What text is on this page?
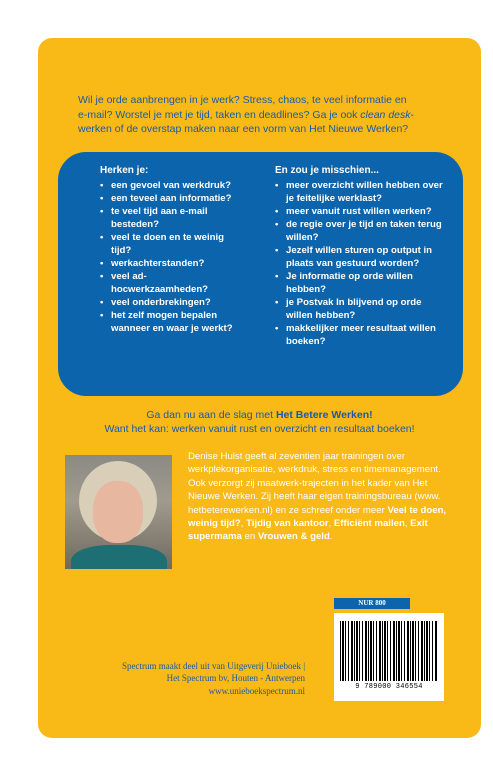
Wil je orde aanbrengen in je werk? Stress, chaos, te veel informatie en
e-mail? Worstel je met je tijd, taken en deadlines? Ga je ook clean desk-
werken of de overstap maken naar een vorm van Het Nieuwe Werken?
Herken je:
• een gevoel van werkdruk?
• een teveel aan informatie?
• te veel tijd aan e-mail besteden?
• veel te doen en te weinig tijd?
• werkachterstanden?
• veel ad-hocwerkzaamheden?
• veel onderbrekingen?
• het zelf mogen bepalen wanneer en waar je werkt?
En zou je misschien...
• meer overzicht willen hebben over je feitelijke werklast?
• meer vanuit rust willen werken?
• de regie over je tijd en taken terug willen?
• Jezelf willen sturen op output in plaats van gestuurd worden?
• Je informatie op orde willen hebben?
• je Postvak In blijvend op orde willen hebben?
• makkelijker meer resultaat willen boeken?
Ga dan nu aan de slag met Het Betere Werken!
Want het kan: werken vanuit rust en overzicht en resultaat boeken!
Denise Hulst geeft al zeventien jaar trainingen over werkplekorganisatie, werkdruk, stress en timemanagement. Ook verzorgt zij maatwerk-trajecten in het kader van Het Nieuwe Werken. Zij heeft haar eigen trainingsbureau (www. hetbeterewerken.nl) en ze schreef onder meer Veel te doen, weinig tijd?, Tijdig van kantoor, Efficiënt mailen, Exit supermama en Vrouwen & geld.
NUR 800
9 789000 346554
Spectrum maakt deel uit van Uitgeverij Unieboek |
Het Spectrum bv, Houten - Antwerpen
www.unieboekspectrum.nl
